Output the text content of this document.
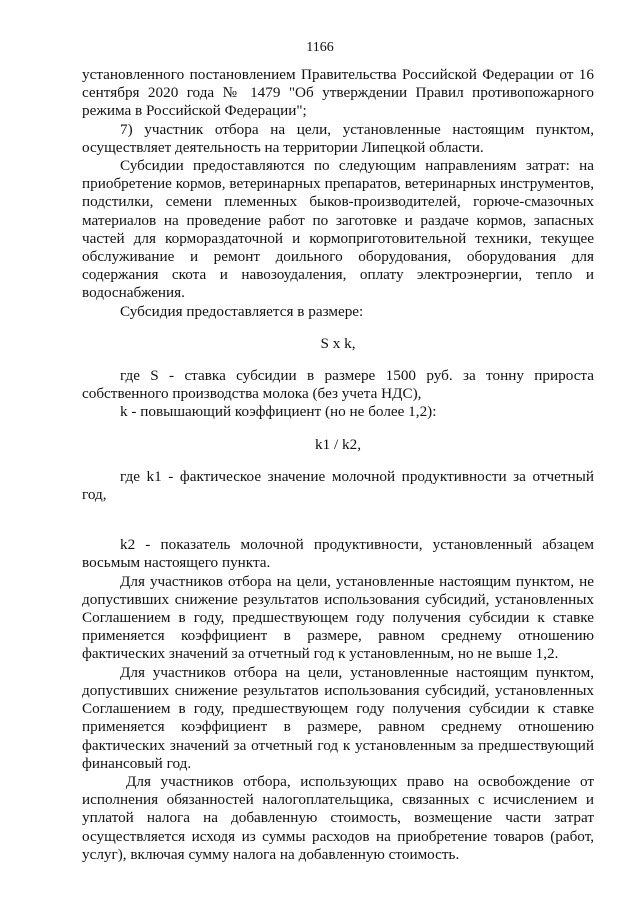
1166

установленного постановлением Правительства Российской Федерации от 16 сентября 2020 года № 1479 "Об утверждении Правил противопожарного режима в Российской Федерации";

7) участник отбора на цели, установленные настоящим пунктом, осуществляет деятельность на территории Липецкой области.

Субсидии предоставляются по следующим направлениям затрат: на приобретение кормов, ветеринарных препаратов, ветеринарных инструментов, подстилки, семени племенных быков-производителей, горюче-смазочных материалов на проведение работ по заготовке и раздаче кормов, запасных частей для кормораздаточной и кормоприготовительной техники, текущее обслуживание и ремонт доильного оборудования, оборудования для содержания скота и навозоудаления, оплату электроэнергии, тепло и водоснабжения.

Субсидия предоставляется в размере:

S x k,

где S - ставка субсидии в размере 1500 руб. за тонну прироста собственного производства молока (без учета НДС),

k - повышающий коэффициент (но не более 1,2):

k1 / k2,

где k1 - фактическое значение молочной продуктивности за отчетный год,

k2 - показатель молочной продуктивности, установленный абзацем восьмым настоящего пункта.

Для участников отбора на цели, установленные настоящим пунктом, не допустивших снижение результатов использования субсидий, установленных Соглашением в году, предшествующем году получения субсидии к ставке применяется коэффициент в размере, равном среднему отношению фактических значений за отчетный год к установленным, но не выше 1,2.

Для участников отбора на цели, установленные настоящим пунктом, допустивших снижение результатов использования субсидий, установленных Соглашением в году, предшествующем году получения субсидии к ставке применяется коэффициент в размере, равном среднему отношению фактических значений за отчетный год к установленным за предшествующий финансовый год.

Для участников отбора, использующих право на освобождение от исполнения обязанностей налогоплательщика, связанных с исчислением и уплатой налога на добавленную стоимость, возмещение части затрат осуществляется исходя из суммы расходов на приобретение товаров (работ, услуг), включая сумму налога на добавленную стоимость.
